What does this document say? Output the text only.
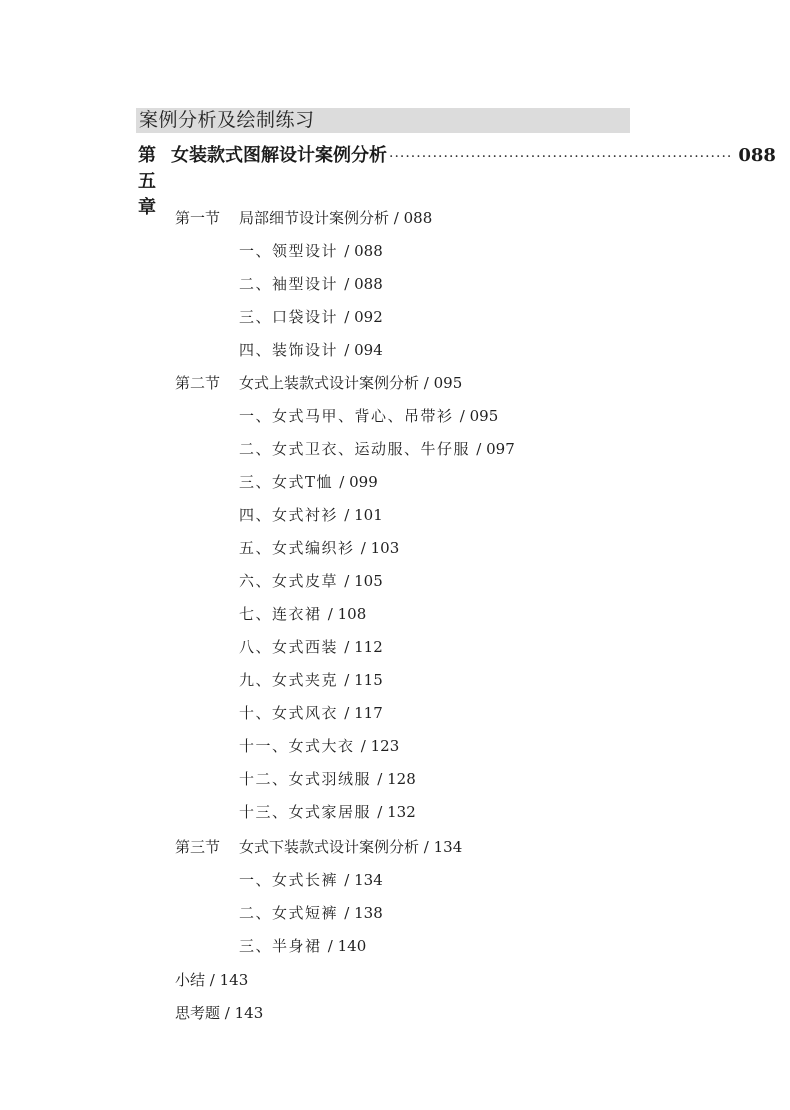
案例分析及绘制练习
第五章
女装款式图解设计案例分析 ······························································· 088
第一节 局部细节设计案例分析 / 088
一、领型设计 / 088
二、袖型设计 / 088
三、口袋设计 / 092
四、装饰设计 / 094
第二节 女式上装款式设计案例分析 / 095
一、女式马甲、背心、吊带衫 / 095
二、女式卫衣、运动服、牛仔服 / 097
三、女式T恤 / 099
四、女式衬衫 / 101
五、女式编织衫 / 103
六、女式皮草 / 105
七、连衣裙 / 108
八、女式西装 / 112
九、女式夹克 / 115
十、女式风衣 / 117
十一、女式大衣 / 123
十二、女式羽绒服 / 128
十三、女式家居服 / 132
第三节 女式下装款式设计案例分析 / 134
一、女式长裤 / 134
二、女式短裤 / 138
三、半身裙 / 140
小结 / 143
思考题 / 143
